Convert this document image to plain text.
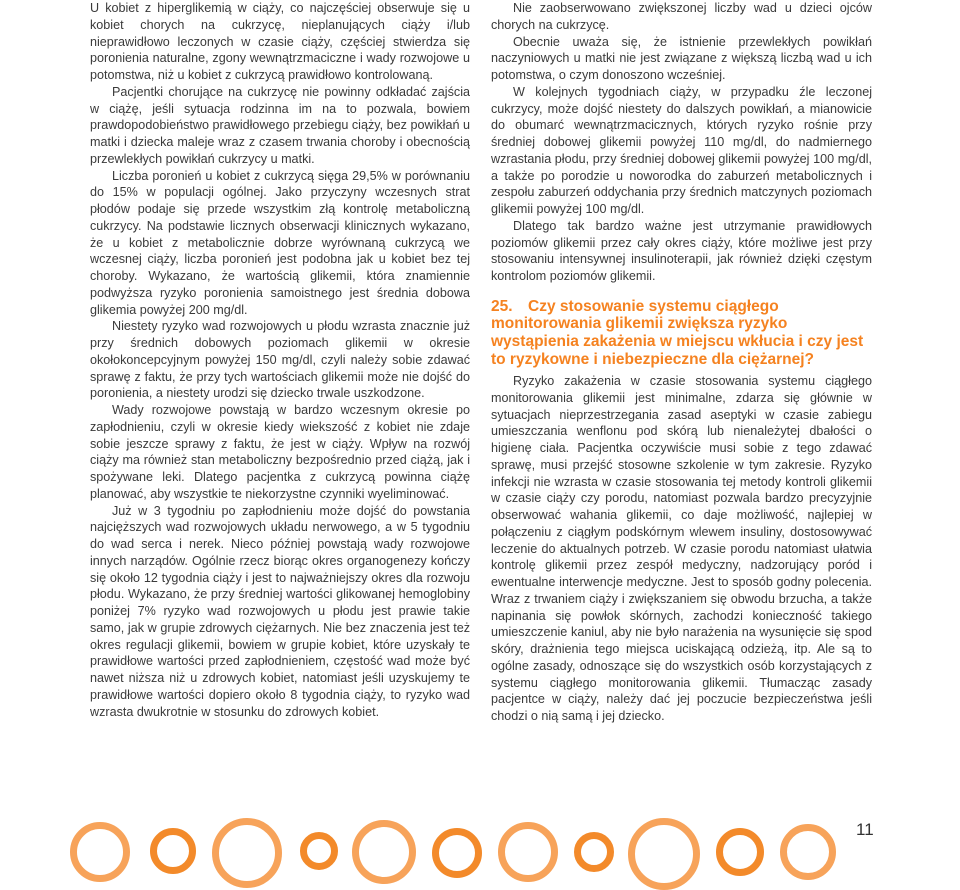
U kobiet z hiperglikemią w ciąży, co najczęściej obserwuje się u kobiet chorych na cukrzycę, nieplanujących ciąży i/lub nieprawidłowo leczonych w czasie ciąży, częściej stwierdza się poronienia naturalne, zgony wewnątrzmaciczne i wady rozwojowe u potomstwa, niż u kobiet z cukrzycą prawidłowo kontrolowaną.

Pacjentki chorujące na cukrzycę nie powinny odkładać zajścia w ciążę, jeśli sytuacja rodzinna im na to pozwala, bowiem prawdopodobieństwo prawidłowego przebiegu ciąży, bez powikłań u matki i dziecka maleje wraz z czasem trwania choroby i obecnością przewlekłych powikłań cukrzycy u matki.

Liczba poronień u kobiet z cukrzycą sięga 29,5% w porównaniu do 15% w populacji ogólnej. Jako przyczyny wczesnych strat płodów podaje się przede wszystkim złą kontrolę metaboliczną cukrzycy. Na podstawie licznych obserwacji klinicznych wykazano, że u kobiet z metabolicznie dobrze wyrównaną cukrzycą we wczesnej ciąży, liczba poronień jest podobna jak u kobiet bez tej choroby. Wykazano, że wartością glikemii, która znamiennie podwyższa ryzyko poronienia samoistnego jest średnia dobowa glikemia powyżej 200 mg/dl.

Niestety ryzyko wad rozwojowych u płodu wzrasta znacznie już przy średnich dobowych poziomach glikemii w okresie okołokoncepcyjnym powyżej 150 mg/dl, czyli należy sobie zdawać sprawę z faktu, że przy tych wartościach glikemii może nie dojść do poronienia, a niestety urodzi się dziecko trwale uszkodzone.

Wady rozwojowe powstają w bardzo wczesnym okresie po zapłodnieniu, czyli w okresie kiedy wiekszość z kobiet nie zdaje sobie jeszcze sprawy z faktu, że jest w ciąży. Wpływ na rozwój ciąży ma również stan metaboliczny bezpośrednio przed ciążą, jak i spożywane leki. Dlatego pacjentka z cukrzycą powinna ciążę planować, aby wszystkie te niekorzystne czynniki wyeliminować.

Już w 3 tygodniu po zapłodnieniu może dojść do powstania najcięższych wad rozwojowych układu nerwowego, a w 5 tygodniu do wad serca i nerek. Nieco później powstają wady rozwojowe innych narządów. Ogólnie rzecz biorąc okres organogenezy kończy się około 12 tygodnia ciąży i jest to najważniejszy okres dla rozwoju płodu. Wykazano, że przy średniej wartości glikowanej hemoglobiny poniżej 7% ryzyko wad rozwojowych u płodu jest prawie takie samo, jak w grupie zdrowych ciężarnych. Nie bez znaczenia jest też okres regulacji glikemii, bowiem w grupie kobiet, które uzyskały te prawidłowe wartości przed zapłodnieniem, częstość wad może być nawet niższa niż u zdrowych kobiet, natomiast jeśli uzyskujemy te prawidłowe wartości dopiero około 8 tygodnia ciąży, to ryzyko wad wzrasta dwukrotnie w stosunku do zdrowych kobiet.

Nie zaobserwowano zwiększonej liczby wad u dzieci ojców chorych na cukrzycę.

Obecnie uważa się, że istnienie przewlekłych powikłań naczyniowych u matki nie jest związane z większą liczbą wad u ich potomstwa, o czym donoszono wcześniej.

W kolejnych tygodniach ciąży, w przypadku źle leczonej cukrzycy, może dojść niestety do dalszych powikłań, a mianowicie do obumarć wewnątrzmacicznych, których ryzyko rośnie przy średniej dobowej glikemii powyżej 110 mg/dl, do nadmiernego wzrastania płodu, przy średniej dobowej glikemii powyżej 100 mg/dl, a także po porodzie u noworodka do zaburzeń metabolicznych i zespołu zaburzeń oddychania przy średnich matczynych poziomach glikemii powyżej 100 mg/dl.

Dlatego tak bardzo ważne jest utrzymanie prawidłowych poziomów glikemii przez cały okres ciąży, które możliwe jest przy stosowaniu intensywnej insulinoterapii, jak również dzięki częstym kontrolom poziomów glikemii.

25. Czy stosowanie systemu ciągłego monitorowania glikemii zwiększa ryzyko wystąpienia zakażenia w miejscu wkłucia i czy jest to ryzykowne i niebezpieczne dla ciężarnej?

Ryzyko zakażenia w czasie stosowania systemu ciągłego monitorowania glikemii jest minimalne, zdarza się głównie w sytuacjach nieprzestrzegania zasad aseptyki w czasie zabiegu umieszczania wenflonu pod skórą lub nienależytej dbałości o higienę ciała. Pacjentka oczywiście musi sobie z tego zdawać sprawę, musi przejść stosowne szkolenie w tym zakresie. Ryzyko infekcji nie wzrasta w czasie stosowania tej metody kontroli glikemii w czasie ciąży czy porodu, natomiast pozwala bardzo precyzyjnie obserwować wahania glikemii, co daje możliwość, najlepiej w połączeniu z ciągłym podskórnym wlewem insuliny, dostosowywać leczenie do aktualnych potrzeb. W czasie porodu natomiast ułatwia kontrolę glikemii przez zespół medyczny, nadzorujący poród i ewentualne interwencje medyczne. Jest to sposób godny polecenia. Wraz z trwaniem ciąży i zwiększaniem się obwodu brzucha, a także napinania się powłok skórnych, zachodzi konieczność takiego umieszczenie kaniul, aby nie było narażenia na wysunięcie się spod skóry, drażnienia tego miejsca uciskającą odzieżą, itp. Ale są to ogólne zasady, odnoszące się do wszystkich osób korzystających z systemu ciągłego monitorowania glikemii. Tłumacząc zasady pacjentce w ciąży, należy dać jej poczucie bezpieczeństwa jeśli chodzi o nią samą i jej dziecko.

11
